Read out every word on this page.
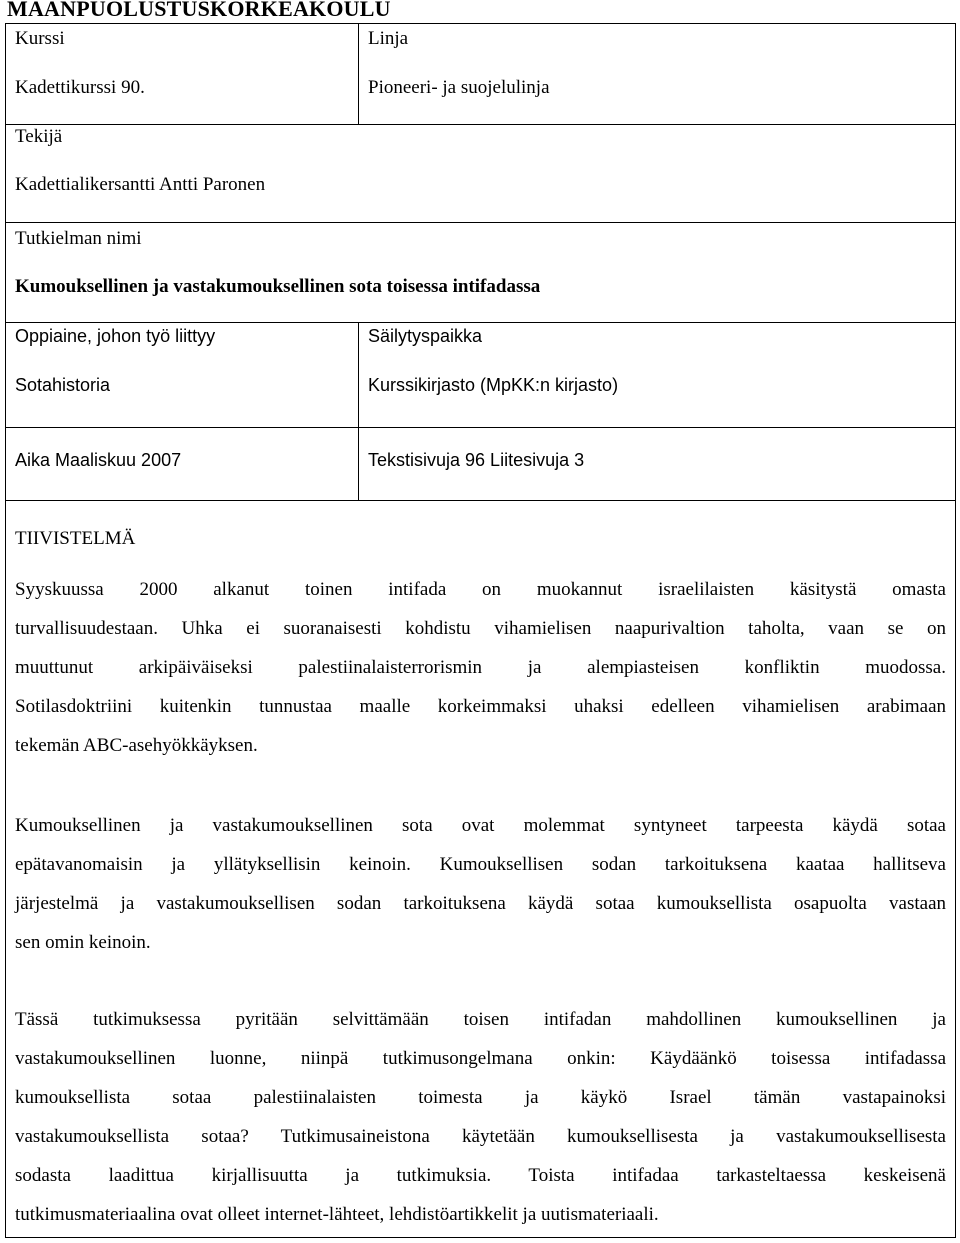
MAANPUOLUSTUSKORKEAKOULU
Kurssi
Kadettikurssi 90.
Linja
Pioneeri- ja suojelulinja
Tekijä
Kadettialikersantti Antti Paronen
Tutkielman nimi
Kumouksellinen ja vastakumouksellinen sota toisessa intifadassa
Oppiaine, johon työ liittyy
Sotahistoria
Säilytyspaikka
Kurssikirjasto (MpKK:n kirjasto)
Aika Maaliskuu 2007	Tekstisivuja 96 Liitesivuja 3
TIIVISTELMÄ
Syyskuussa 2000 alkanut toinen intifada on muokannut israelilaisten käsitystä omasta
turvallisuudestaan. Uhka ei suoranaisesti kohdistu vihamielisen naapurivaltion taholta, vaan se on
muuttunut arkipäiväiseksi palestiinalaisterrorismin ja alempiasteisen konfliktin muodossa.
Sotilasdoktriini kuitenkin tunnustaa maalle korkeimmaksi uhaksi edelleen vihamielisen arabimaan
tekemän ABC-asehyökkäyksen.
Kumouksellinen ja vastakumouksellinen sota ovat molemmat syntyneet tarpeesta käydä sotaa
epätavanomaisin ja yllätyksellisin keinoin. Kumouksellisen sodan tarkoituksena kaataa hallitseva
järjestelmä ja vastakumouksellisen sodan tarkoituksena käydä sotaa kumouksellista osapuolta vastaan
sen omin keinoin.
Tässä tutkimuksessa pyritään selvittämään toisen intifadan mahdollinen kumouksellinen ja
vastakumouksellinen luonne, niinpä tutkimusongelmana onkin: Käydäänkö toisessa intifadassa
kumouksellista sotaa palestiinalaisten toimesta ja käykö Israel tämän vastapainoksi
vastakumouksellista sotaa? Tutkimusaineistona käytetään kumouksellisesta ja vastakumouksellisesta
sodasta laadittua kirjallisuutta ja tutkimuksia. Toista intifadaa tarkasteltaessa keskeisenä
tutkimusmateriaalina ovat olleet internet-lähteet, lehdistöartikkelit ja uutismateriaali.
